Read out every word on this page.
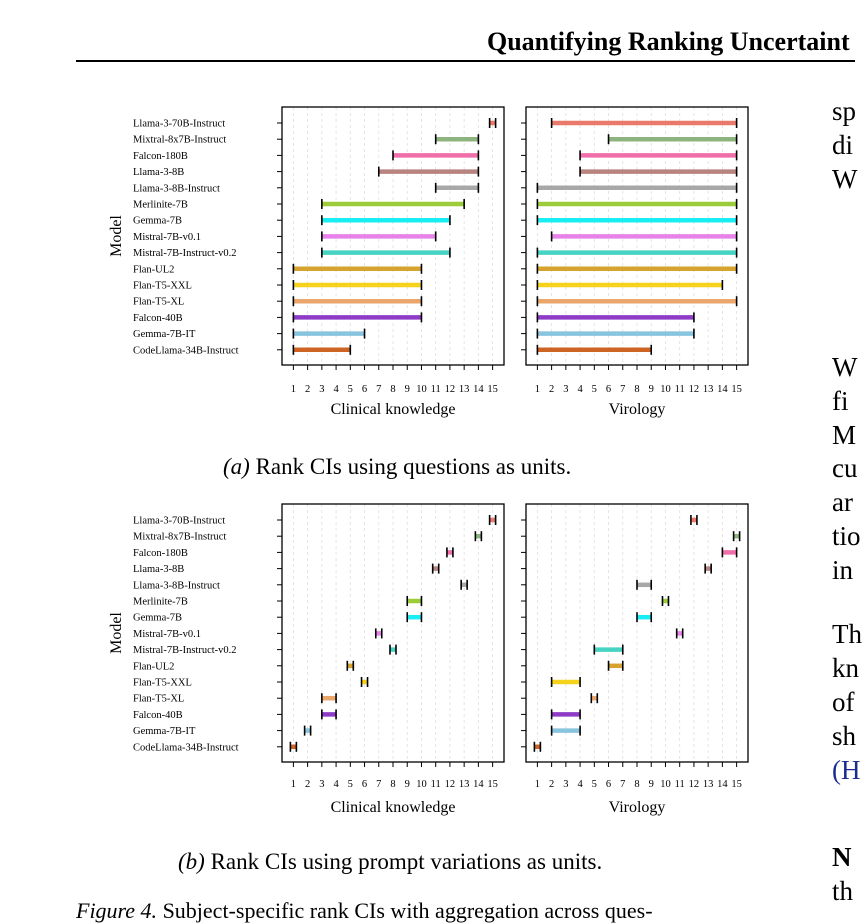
Quantifying Ranking Uncertaint
Model
Llama-3-70B-Instruct
Mixtral-8x7B-Instruct
Falcon-180B
Llama-3-8B
Llama-3-8B-Instruct
Merlinite-7B
Gemma-7B
Mistral-7B-v0.1
Mistral-7B-Instruct-v0.2
Flan-UL2
Flan-T5-XXL
Flan-T5-XL
Falcon-40B
Gemma-7B-IT
CodeLlama-34B-Instruct
1 2 3 4 5 6 7 8 9 10 11 12 13 14 15
Clinical knowledge
1 2 3 4 5 6 7 8 9 10 11 12 13 14 15
Virology
Model
Llama-3-70B-Instruct
Mixtral-8x7B-Instruct
Falcon-180B
Llama-3-8B
Llama-3-8B-Instruct
Merlinite-7B
Gemma-7B
Mistral-7B-v0.1
Mistral-7B-Instruct-v0.2
Flan-UL2
Flan-T5-XXL
Flan-T5-XL
Falcon-40B
Gemma-7B-IT
CodeLlama-34B-Instruct
1 2 3 4 5 6 7 8 9 10 11 12 13 14 15
Clinical knowledge
1 2 3 4 5 6 7 8 9 10 11 12 13 14 15
Virology
(a) Rank CIs using questions as units.
(b) Rank CIs using prompt variations as units.
Figure 4. Subject-specific rank CIs with aggregation across ques-
sp
di
W
W
fi
M
cu
ar
tio
in
Th
kn
of
sh
(H
N
th
